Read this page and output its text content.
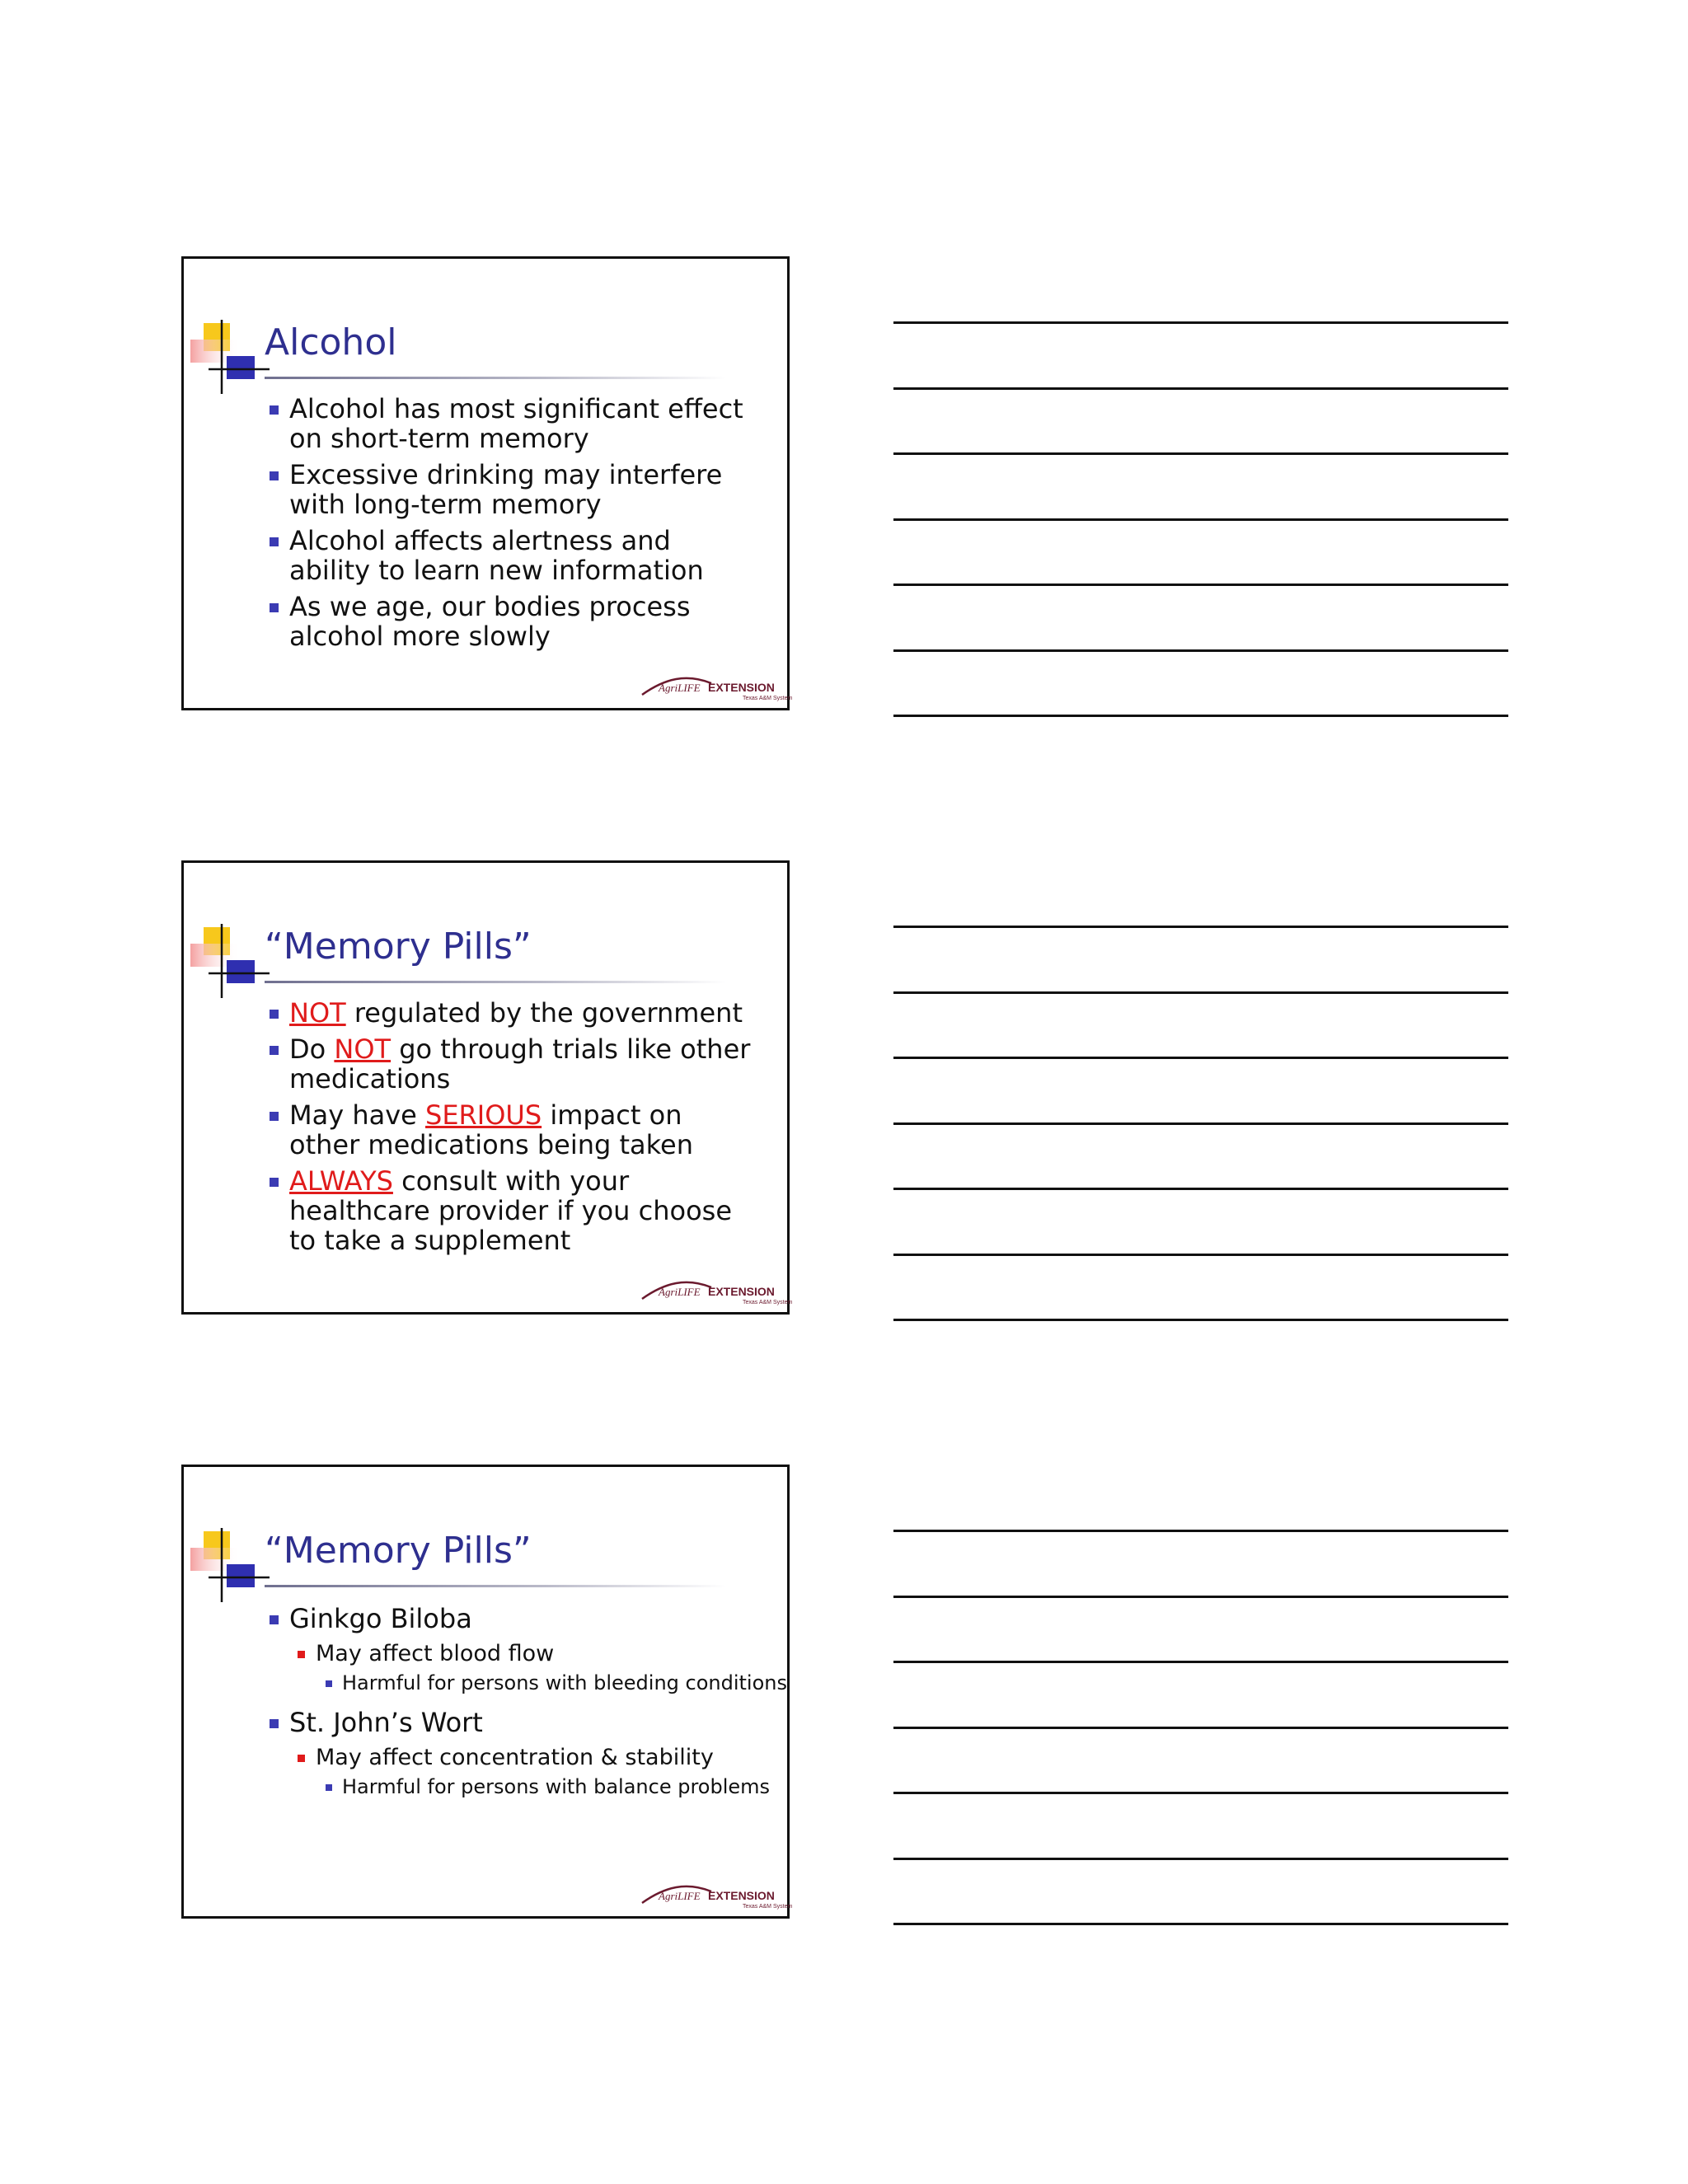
Alcohol
Alcohol has most significant effect on short-term memory
Excessive drinking may interfere with long-term memory
Alcohol affects alertness and ability to learn new information
As we age, our bodies process alcohol more slowly
AgriLIFE EXTENSION
Texas A&M System
“Memory Pills”
NOT regulated by the government
Do NOT go through trials like other medications
May have SERIOUS impact on other medications being taken
ALWAYS consult with your healthcare provider if you choose to take a supplement
AgriLIFE EXTENSION
Texas A&M System
“Memory Pills”
Ginkgo Biloba
May affect blood flow
Harmful for persons with bleeding conditions
St. John’s Wort
May affect concentration & stability
Harmful for persons with balance problems
AgriLIFE EXTENSION
Texas A&M System
